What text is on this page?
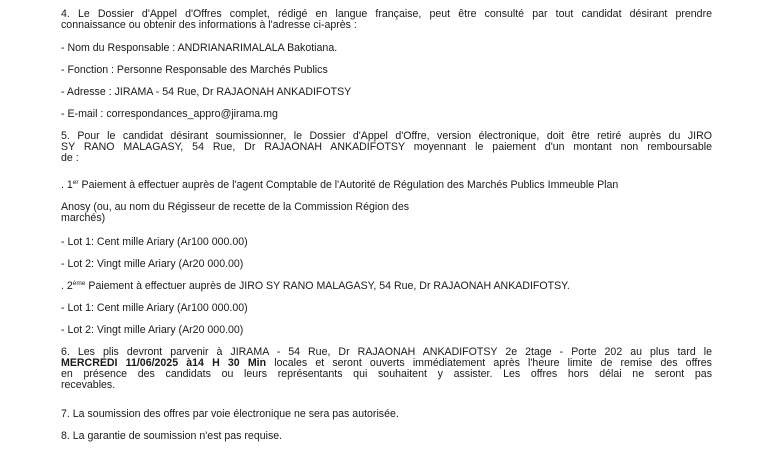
4. Le Dossier d'Appel d'Offres complet, rédigé en langue française, peut être consulté par tout candidat désirant prendre
connaissance ou obtenir des informations à l'adresse ci-après :
- Nom du Responsable : ANDRIANARIMALALA Bakotiana.
- Fonction : Personne Responsable des Marchés Publics
- Adresse : JIRAMA - 54 Rue, Dr RAJAONAH ANKADIFOTSY
- E-mail : correspondances_appro@jirama.mg
5. Pour le candidat désirant soumissionner, le Dossier d'Appel d'Offre, version électronique, doit être retiré auprès du JIRO
SY RANO MALAGASY, 54 Rue, Dr RAJAONAH ANKADIFOTSY moyennant le paiement d'un montant non remboursable
de :
. 1er Paiement à effectuer auprès de l'agent Comptable de l'Autorité de Régulation des Marchés Publics Immeuble Plan
Anosy (ou, au nom du Régisseur de recette de la Commission Région des
marchés)
- Lot 1: Cent mille Ariary (Ar100 000.00)
- Lot 2: Vingt mille Ariary (Ar20 000.00)
. 2ème Paiement à effectuer auprès de JIRO SY RANO MALAGASY, 54 Rue, Dr RAJAONAH ANKADIFOTSY.
- Lot 1: Cent mille Ariary (Ar100 000.00)
- Lot 2: Vingt mille Ariary (Ar20 000.00)
6. Les plis devront parvenir à JIRAMA - 54 Rue, Dr RAJAONAH ANKADIFOTSY 2e 2tage - Porte 202 au plus tard le
MERCREDI 11/06/2025 à14 H 30 Min locales et seront ouverts immédiatement après l'heure limite de remise des offres
en présence des candidats ou leurs représentants qui souhaitent y assister. Les offres hors délai ne seront pas
recevables.
7. La soumission des offres par voie électronique ne sera pas autorisée.
8. La garantie de soumission n'est pas requise.
